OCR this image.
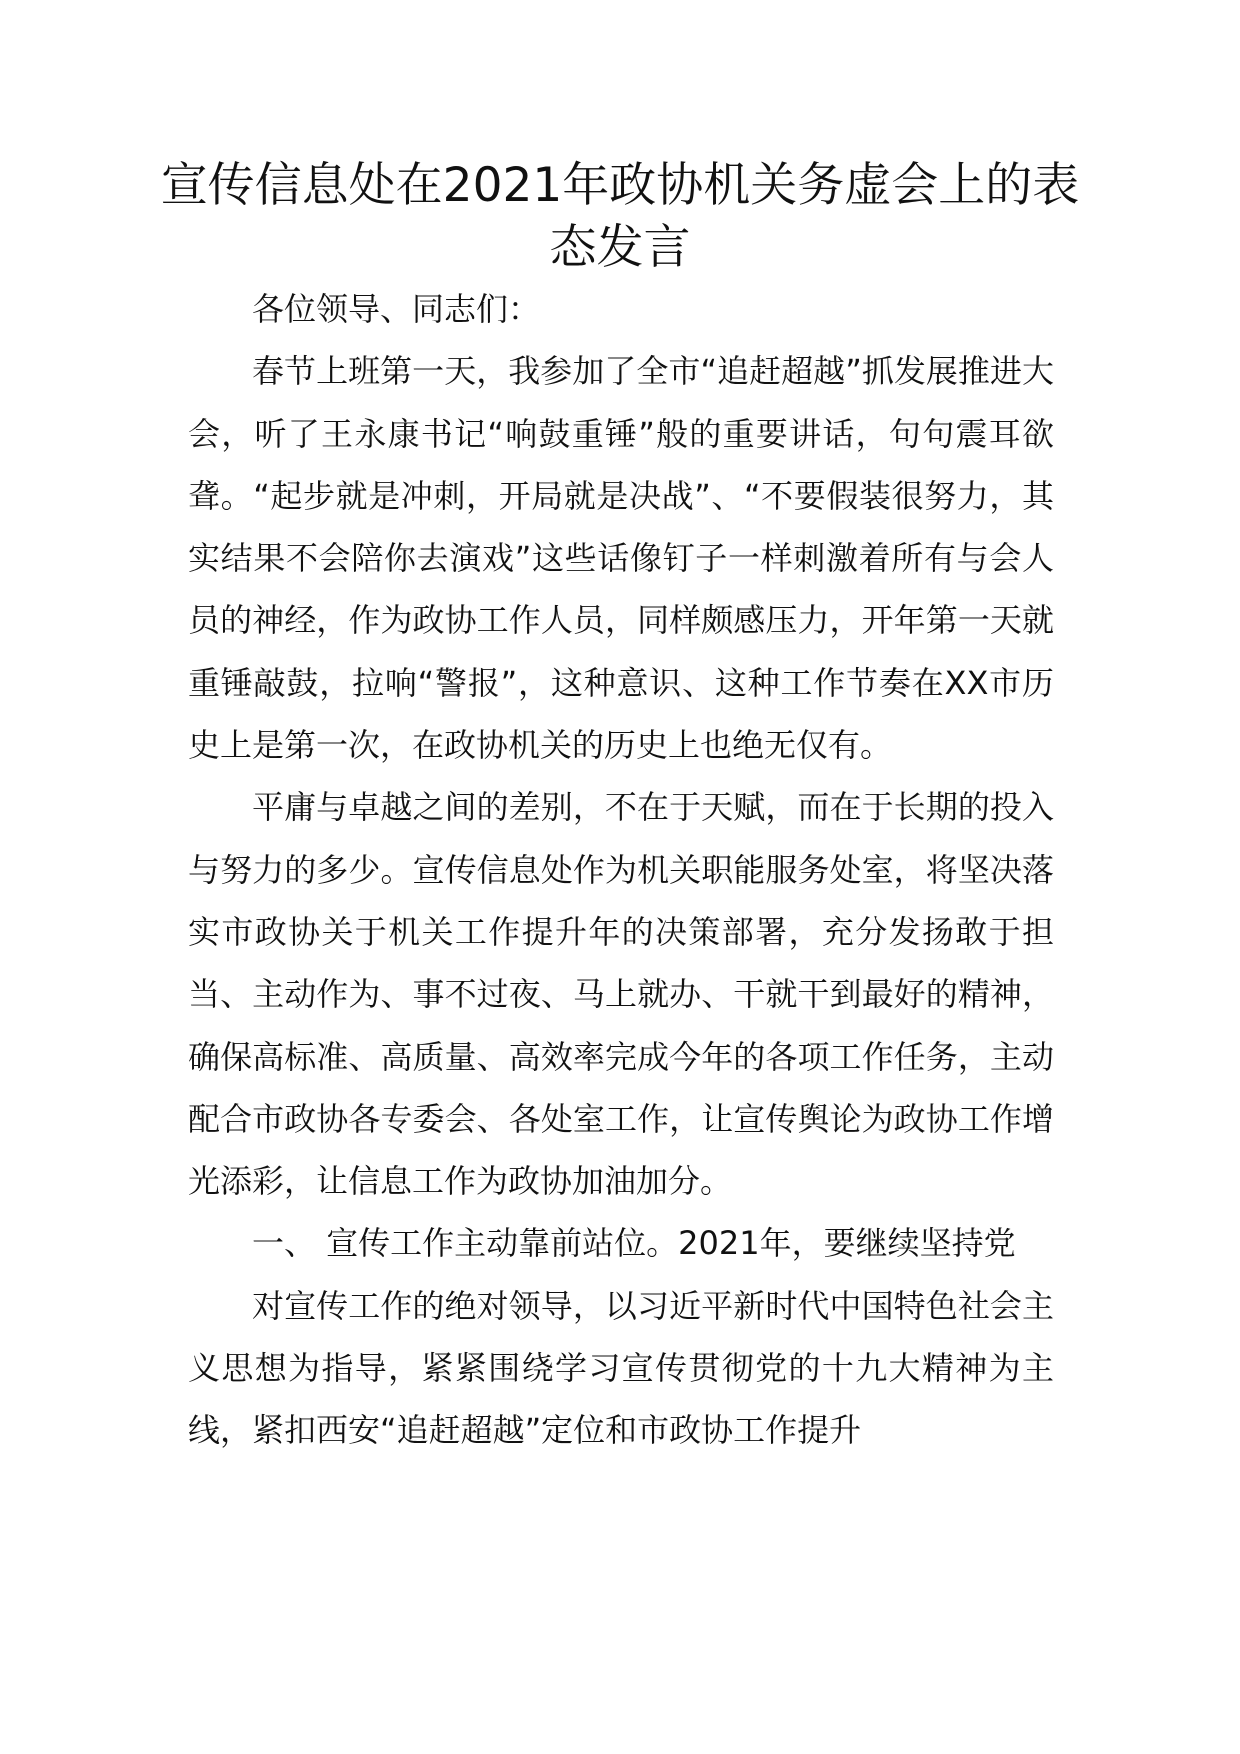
宣传信息处在2021年政协机关务虚会上的表态发言

各位领导、同志们：

春节上班第一天，我参加了全市“追赶超越”抓发展推进大会，听了王永康书记“响鼓重锤”般的重要讲话，句句震耳欲聋。“起步就是冲刺，开局就是决战”、“不要假装很努力，其实结果不会陪你去演戏”这些话像钉子一样刺激着所有与会人员的神经，作为政协工作人员，同样颇感压力，开年第一天就重锤敲鼓，拉响“警报”，这种意识、这种工作节奏在XX市历史上是第一次，在政协机关的历史上也绝无仅有。

平庸与卓越之间的差别，不在于天赋，而在于长期的投入与努力的多少。宣传信息处作为机关职能服务处室，将坚决落实市政协关于机关工作提升年的决策部署，充分发扬敢于担当、主动作为、事不过夜、马上就办、干就干到最好的精神，确保高标准、高质量、高效率完成今年的各项工作任务，主动配合市政协各专委会、各处室工作，让宣传舆论为政协工作增光添彩，让信息工作为政协加油加分。

一、 宣传工作主动靠前站位。2021年，要继续坚持党

对宣传工作的绝对领导，以习近平新时代中国特色社会主义思想为指导，紧紧围绕学习宣传贯彻党的十九大精神为主线，紧扣西安“追赶超越”定位和市政协工作提升
